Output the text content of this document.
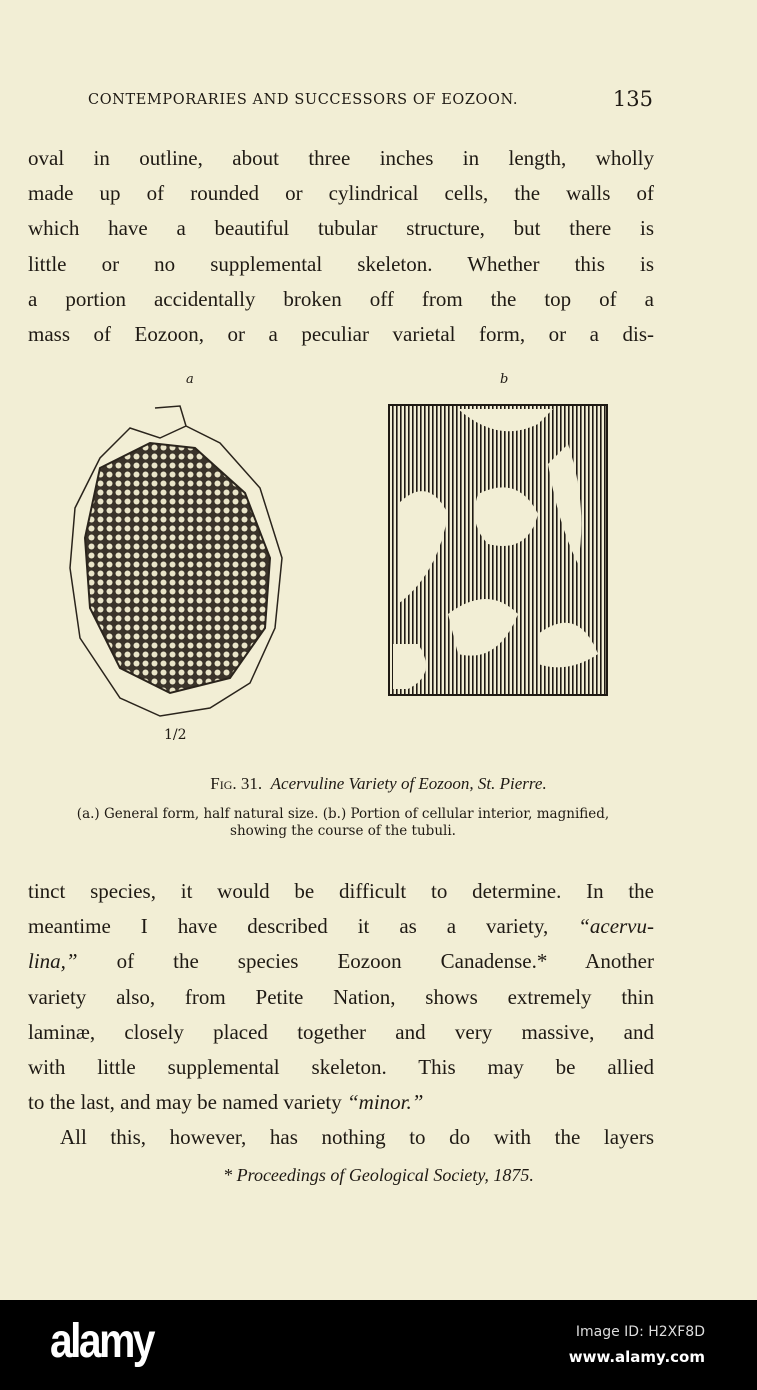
CONTEMPORARIES AND SUCCESSORS OF EOZOON.	135
oval in outline, about three inches in length, wholly
made up of rounded or cylindrical cells, the walls of
which have a beautiful tubular structure, but there is
little or no supplemental skeleton. Whether this is
a portion accidentally broken off from the top of a
mass of Eozoon, or a peculiar varietal form, or a dis-
a	b
1/2
Fig. 31. Acervuline Variety of Eozoon, St. Pierre.
(a.) General form, half natural size. (b.) Portion of cellular interior, magnified,
showing the course of the tubuli.
tinct species, it would be difficult to determine. In the
meantime I have described it as a variety, “acervu-
lina,” of the species Eozoon Canadense.* Another
variety also, from Petite Nation, shows extremely thin
laminæ, closely placed together and very massive, and
with little supplemental skeleton. This may be allied
to the last, and may be named variety “minor.”
All this, however, has nothing to do with the layers
* Proceedings of Geological Society, 1875.
alamy	Image ID: H2XF8D
www.alamy.com
